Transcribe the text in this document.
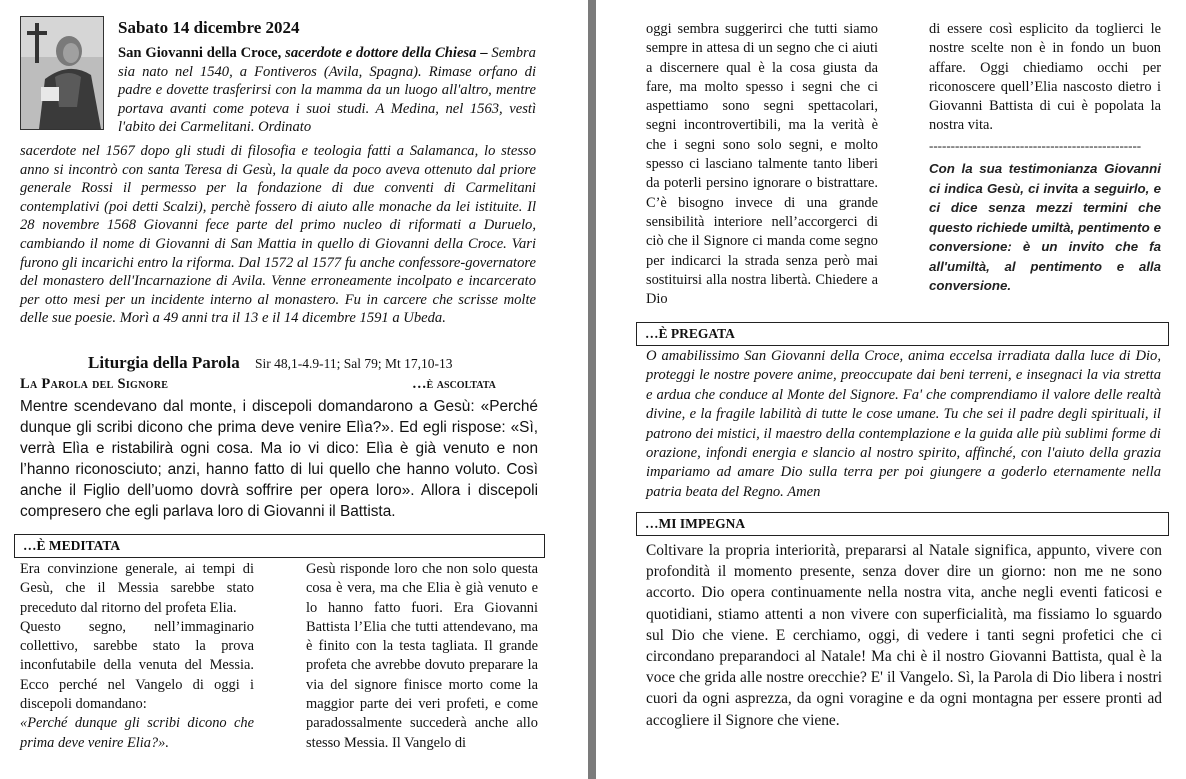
Sabato 14 dicembre 2024
San Giovanni della Croce, sacerdote e dottore della Chiesa – Sembra sia nato nel 1540, a Fontiveros (Avila, Spagna). Rimase orfano di padre e dovette trasferirsi con la mamma da un luogo all'altro, mentre portava avanti come poteva i suoi studi. A Medina, nel 1563, vestì l'abito dei Carmelitani. Ordinato
sacerdote nel 1567 dopo gli studi di filosofia e teologia fatti a Salamanca, lo stesso anno si incontrò con santa Teresa di Gesù, la quale da poco aveva ottenuto dal priore generale Rossi il permesso per la fondazione di due conventi di Carmelitani contemplativi (poi detti Scalzi), perchè fossero di aiuto alle monache da lei istituite. Il 28 novembre 1568 Giovanni fece parte del primo nucleo di riformati a Duruelo, cambiando il nome di Giovanni di San Mattia in quello di Giovanni della Croce. Vari furono gli incarichi entro la riforma. Dal 1572 al 1577 fu anche confessore-governatore del monastero dell'Incarnazione di Avila. Venne erroneamente incolpato e incarcerato per otto mesi per un incidente interno al monastero. Fu in carcere che scrisse molte delle sue poesie. Morì a 49 anni tra il 13 e il 14 dicembre 1591 a Ubeda.
Liturgia della Parola Sir 48,1-4.9-11; Sal 79; Mt 17,10-13
La Parola del Signore	…è ascoltata
Mentre scendevano dal monte, i discepoli domandarono a Gesù: «Perché dunque gli scribi dicono che prima deve venire Elìa?». Ed egli rispose: «Sì, verrà Elìa e ristabilirà ogni cosa. Ma io vi dico: Elìa è già venuto e non l’hanno riconosciuto; anzi, hanno fatto di lui quello che hanno voluto. Così anche il Figlio dell’uomo dovrà soffrire per opera loro». Allora i discepoli compresero che egli parlava loro di Giovanni il Battista.
…È MEDITATA

Era convinzione generale, ai tempi di Gesù, che il Messia sarebbe stato preceduto dal ritorno del profeta Elia.

Questo segno, nell’immaginario collettivo, sarebbe stato la prova inconfutabile della venuta del Messia. Ecco perché nel Vangelo di oggi i discepoli domandano:

«Perché dunque gli scribi dicono che prima deve venire Elia?».

Gesù risponde loro che non solo questa cosa è vera, ma che Elia è già venuto e lo hanno fatto fuori. Era Giovanni Battista l’Elia che tutti attendevano, ma è finito con la testa tagliata. Il grande profeta che avrebbe dovuto preparare la via del signore finisce morto come la maggior parte dei veri profeti, e come paradossalmente succederà anche allo stesso Messia. Il Vangelo di

oggi sembra suggerirci che tutti siamo sempre in attesa di un segno che ci aiuti a discernere qual è la cosa giusta da fare, ma molto spesso i segni che ci aspettiamo sono segni spettacolari, segni incontrovertibili, ma la verità è che i segni sono solo segni, e molto spesso ci lasciano talmente tanto liberi da poterli persino ignorare o bistrattare. C’è bisogno invece di una grande sensibilità interiore nell’accorgerci di ciò che il Signore ci manda come segno per indicarci la strada senza però mai sostituirsi alla nostra libertà. Chiedere a Dio

di essere così esplicito da toglierci le nostre scelte non è in fondo un buon affare. Oggi chiediamo occhi per riconoscere quell’Elia nascosto dietro i Giovanni Battista di cui è popolata la nostra vita.

-------------------------------------------------

Con la sua testimonianza Giovanni ci indica Gesù, ci invita a seguirlo, e ci dice senza mezzi termini che questo richiede umiltà, pentimento e conversione: è un invito che fa all'umiltà, al pentimento e alla conversione.

…È PREGATA
O amabilissimo San Giovanni della Croce, anima eccelsa irradiata dalla luce di Dio, proteggi le nostre povere anime, preoccupate dai beni terreni, e insegnaci la via stretta e ardua che conduce al Monte del Signore. Fa' che comprendiamo il valore delle realtà divine, e la fragile labilità di tutte le cose umane. Tu che sei il padre degli spirituali, il patrono dei mistici, il maestro della contemplazione e la guida alle più sublimi forme di orazione, infondi energia e slancio al nostro spirito, affinché, con l'aiuto della grazia impariamo ad amare Dio sulla terra per poi giungere a goderlo eternamente nella patria beata del Regno. Amen
…MI IMPEGNA
Coltivare la propria interiorità, prepararsi al Natale significa, appunto, vivere con profondità il momento presente, senza dover dire un giorno: non me ne sono accorto. Dio opera continuamente nella nostra vita, anche negli eventi faticosi e quotidiani, stiamo attenti a non vivere con superficialità, ma fissiamo lo sguardo sul Dio che viene. E cerchiamo, oggi, di vedere i tanti segni profetici che ci circondano preparandoci al Natale! Ma chi è il nostro Giovanni Battista, qual è la voce che grida alle nostre orecchie? E' il Vangelo. Sì, la Parola di Dio libera i nostri cuori da ogni asprezza, da ogni voragine e da ogni montagna per essere pronti ad accogliere il Signore che viene.
